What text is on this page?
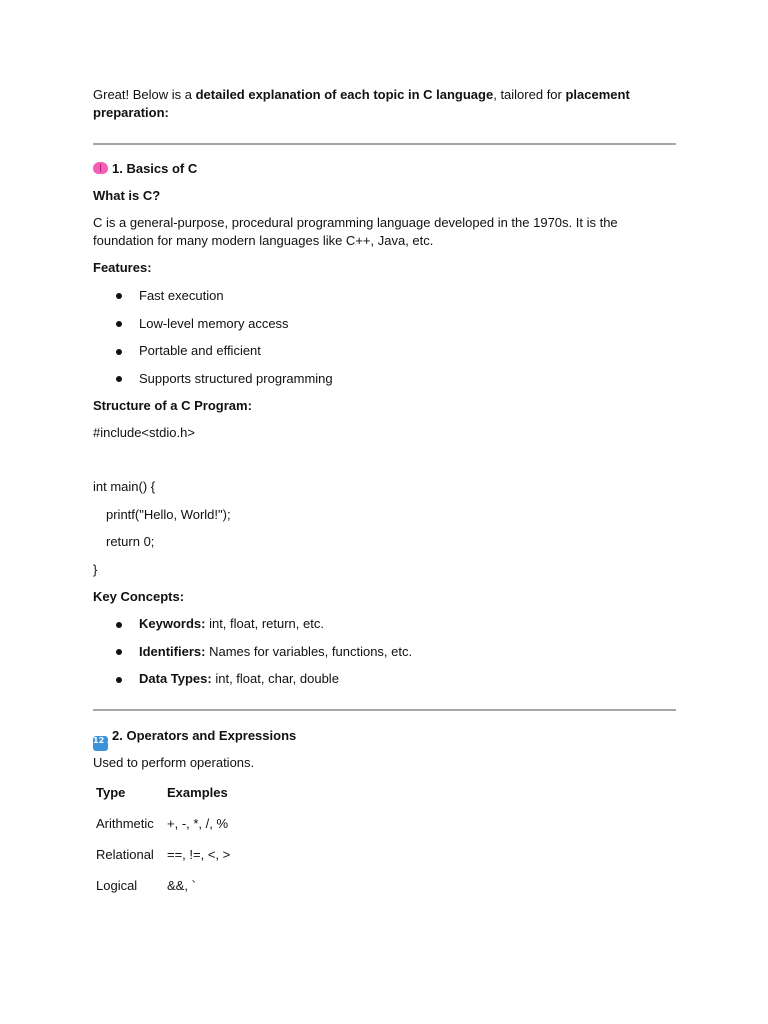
Great! Below is a detailed explanation of each topic in C language, tailored for placement
preparation:
1. Basics of C
What is C?
C is a general-purpose, procedural programming language developed in the 1970s. It is the
foundation for many modern languages like C++, Java, etc.
Features:
Fast execution
Low-level memory access
Portable and efficient
Supports structured programming
Structure of a C Program:
#include<stdio.h>
int main() {
printf("Hello, World!");
return 0;
}
Key Concepts:
Keywords: int, float, return, etc.
Identifiers: Names for variables, functions, etc.
Data Types: int, float, char, double
12 342. Operators and Expressions
Used to perform operations.
Type	Examples
Arithmetic +, -, *, /, %
Relational ==, !=, <, >
Logical &&, `
